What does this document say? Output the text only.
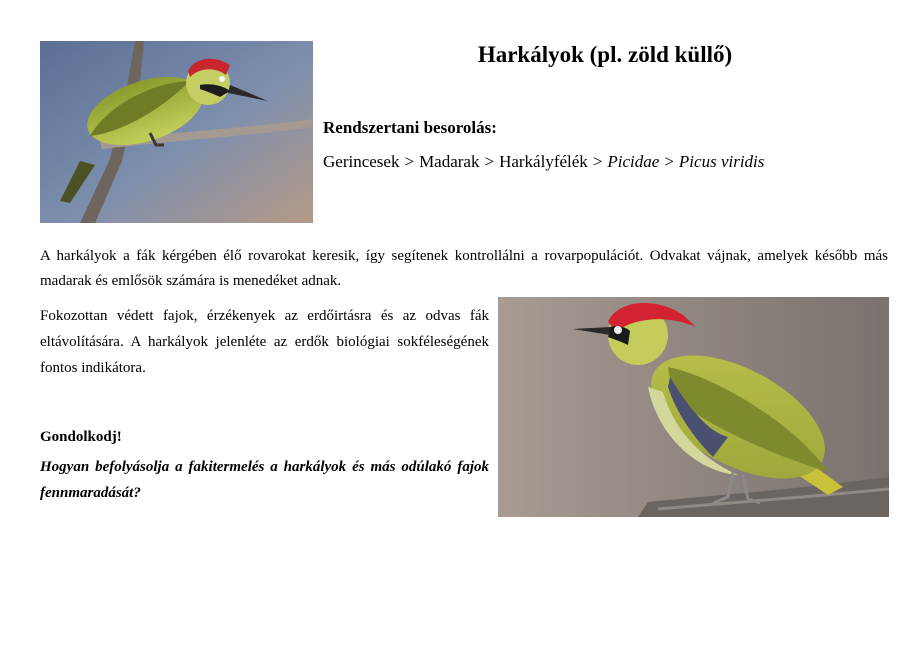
Harkályok (pl. zöld küllő)
Rendszertani besorolás:
Gerincesek > Madarak > Harkályfélék > Picidae > Picus viridis
A harkályok a fák kérgében élő rovarokat keresik, így segítenek kontrollálni a rovarpopulációt. Odvakat vájnak, amelyek később más madarak és emlősök számára is menedéket adnak.
Fokozottan védett fajok, érzékenyek az erdőirtásra és az odvas fák eltávolítására. A harkályok jelenléte az erdők biológiai sokféleségének fontos indikátora.
Gondolkodj!
Hogyan befolyásolja a fakitermelés a harkályok és más odúlakó fajok fennmaradását?
